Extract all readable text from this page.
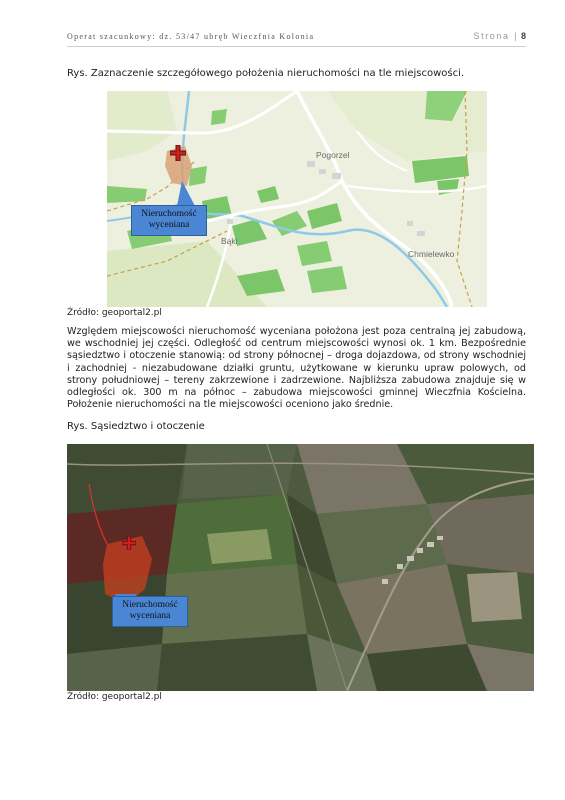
Operat szacunkowy: dz. 53/47 ubręb Wieczfnia Kolonia	Strona | 8
Rys. Zaznaczenie szczegółowego położenia nieruchomości na tle miejscowości.
Nieruchomość
wyceniana
Pogorzel
Bąki
Chmielewko
Źródło: geoportal2.pl
Względem miejscowości nieruchomość wyceniana położona jest poza centralną jej zabudową, we wschodniej jej części. Odległość od centrum miejscowości wynosi ok. 1 km. Bezpośrednie sąsiedztwo i otoczenie stanowią: od strony północnej – droga dojazdowa, od strony wschodniej i zachodniej - niezabudowane działki gruntu, użytkowane w kierunku upraw polowych, od strony południowej – tereny zakrzewione i zadrzewione. Najbliższa zabudowa znajduje się w odległości ok. 300 m na północ – zabudowa miejscowości gminnej Wieczfnia Kościelna. Położenie nieruchomości na tle miejscowości oceniono jako średnie.
Rys. Sąsiedztwo i otoczenie
Nieruchomość
wyceniana
Źródło: geoportal2.pl
